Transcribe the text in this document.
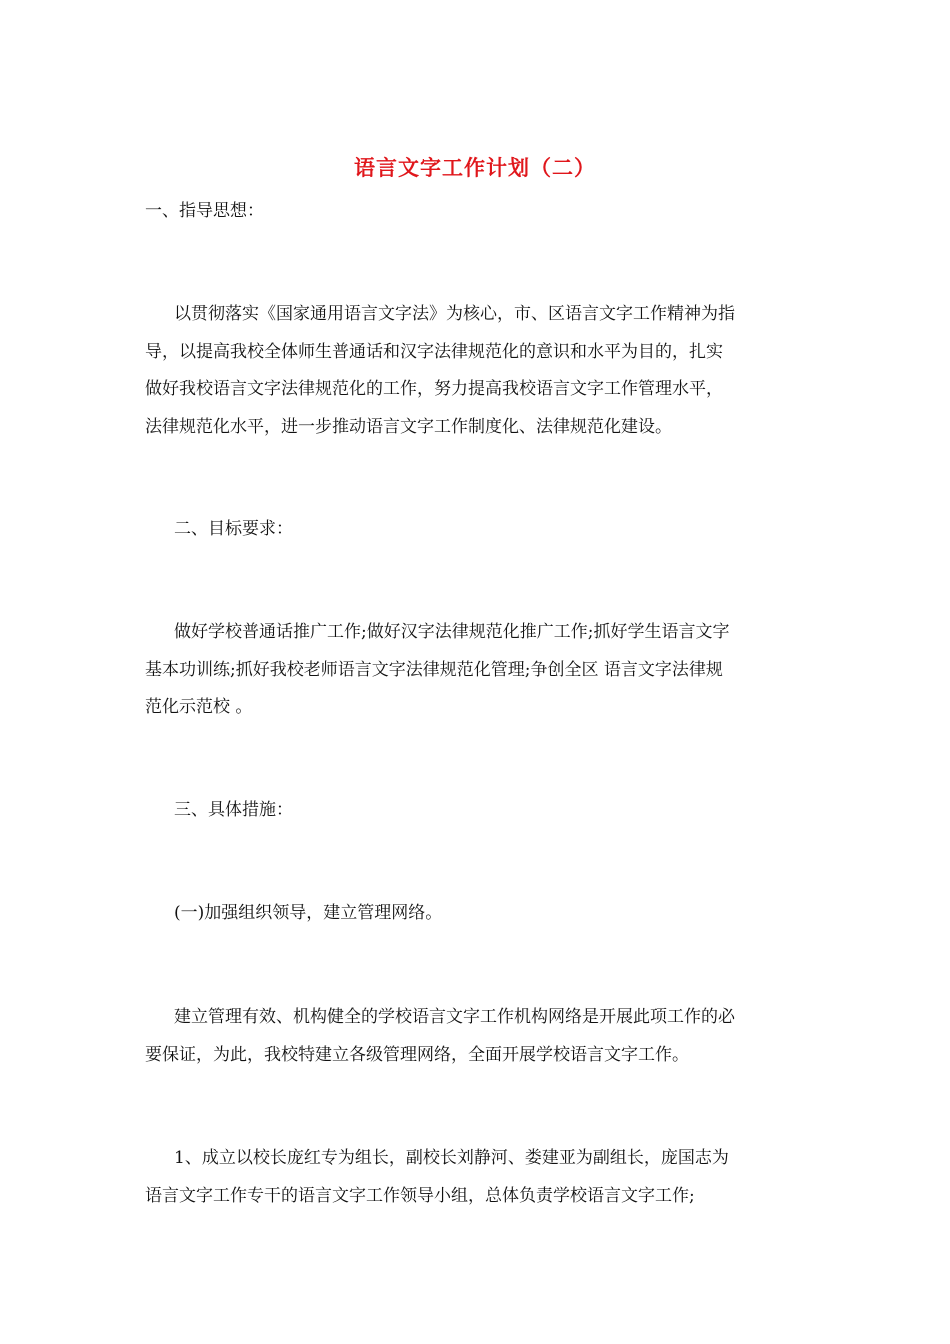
语言文字工作计划（二）

一、指导思想：

以贯彻落实《国家通用语言文字法》为核心，市、区语言文字工作精神为指
导，以提高我校全体师生普通话和汉字法律规范化的意识和水平为目的，扎实
做好我校语言文字法律规范化的工作，努力提高我校语言文字工作管理水平，
法律规范化水平，进一步推动语言文字工作制度化、法律规范化建设。

二、目标要求：

做好学校普通话推广工作;做好汉字法律规范化推广工作;抓好学生语言文字
基本功训练;抓好我校老师语言文字法律规范化管理;争创全区 语言文字法律规
范化示范校 。

三、具体措施：

(一)加强组织领导，建立管理网络。

建立管理有效、机构健全的学校语言文字工作机构网络是开展此项工作的必
要保证，为此，我校特建立各级管理网络，全面开展学校语言文字工作。

1、成立以校长庞红专为组长，副校长刘静河、娄建亚为副组长，庞国志为
语言文字工作专干的语言文字工作领导小组，总体负责学校语言文字工作;
